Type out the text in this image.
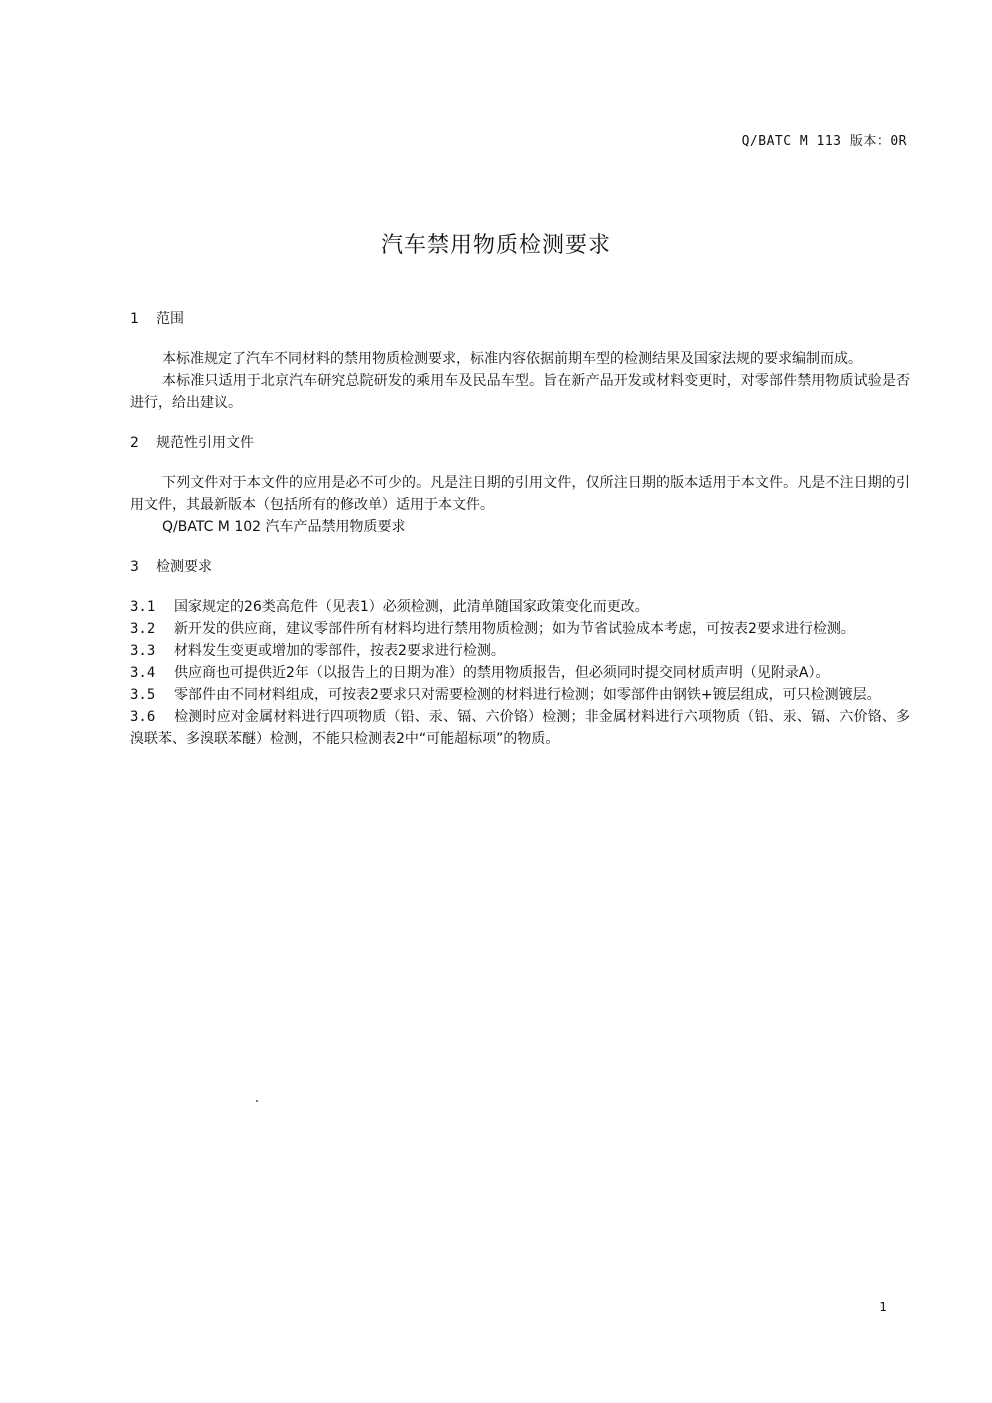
Q/BATC M 113 版本：0R
汽车禁用物质检测要求
1 范围

本标准规定了汽车不同材料的禁用物质检测要求，标准内容依据前期车型的检测结果及国家法规的要求编制而成。

本标准只适用于北京汽车研究总院研发的乘用车及民品车型。旨在新产品开发或材料变更时，对零部件禁用物质试验是否进行，给出建议。

2 规范性引用文件

下列文件对于本文件的应用是必不可少的。凡是注日期的引用文件，仅所注日期的版本适用于本文件。凡是不注日期的引用文件，其最新版本（包括所有的修改单）适用于本文件。

Q/BATC M 102 汽车产品禁用物质要求

3 检测要求

3.1 国家规定的26类高危件（见表1）必须检测，此清单随国家政策变化而更改。

3.2 新开发的供应商，建议零部件所有材料均进行禁用物质检测；如为节省试验成本考虑，可按表2要求进行检测。

3.3 材料发生变更或增加的零部件，按表2要求进行检测。

3.4 供应商也可提供近2年（以报告上的日期为准）的禁用物质报告，但必须同时提交同材质声明（见附录A）。

3.5 零部件由不同材料组成，可按表2要求只对需要检测的材料进行检测；如零部件由钢铁+镀层组成，可只检测镀层。

3.6 检测时应对金属材料进行四项物质（铅、汞、镉、六价铬）检测；非金属材料进行六项物质（铅、汞、镉、六价铬、多溴联苯、多溴联苯醚）检测，不能只检测表2中“可能超标项”的物质。

1
